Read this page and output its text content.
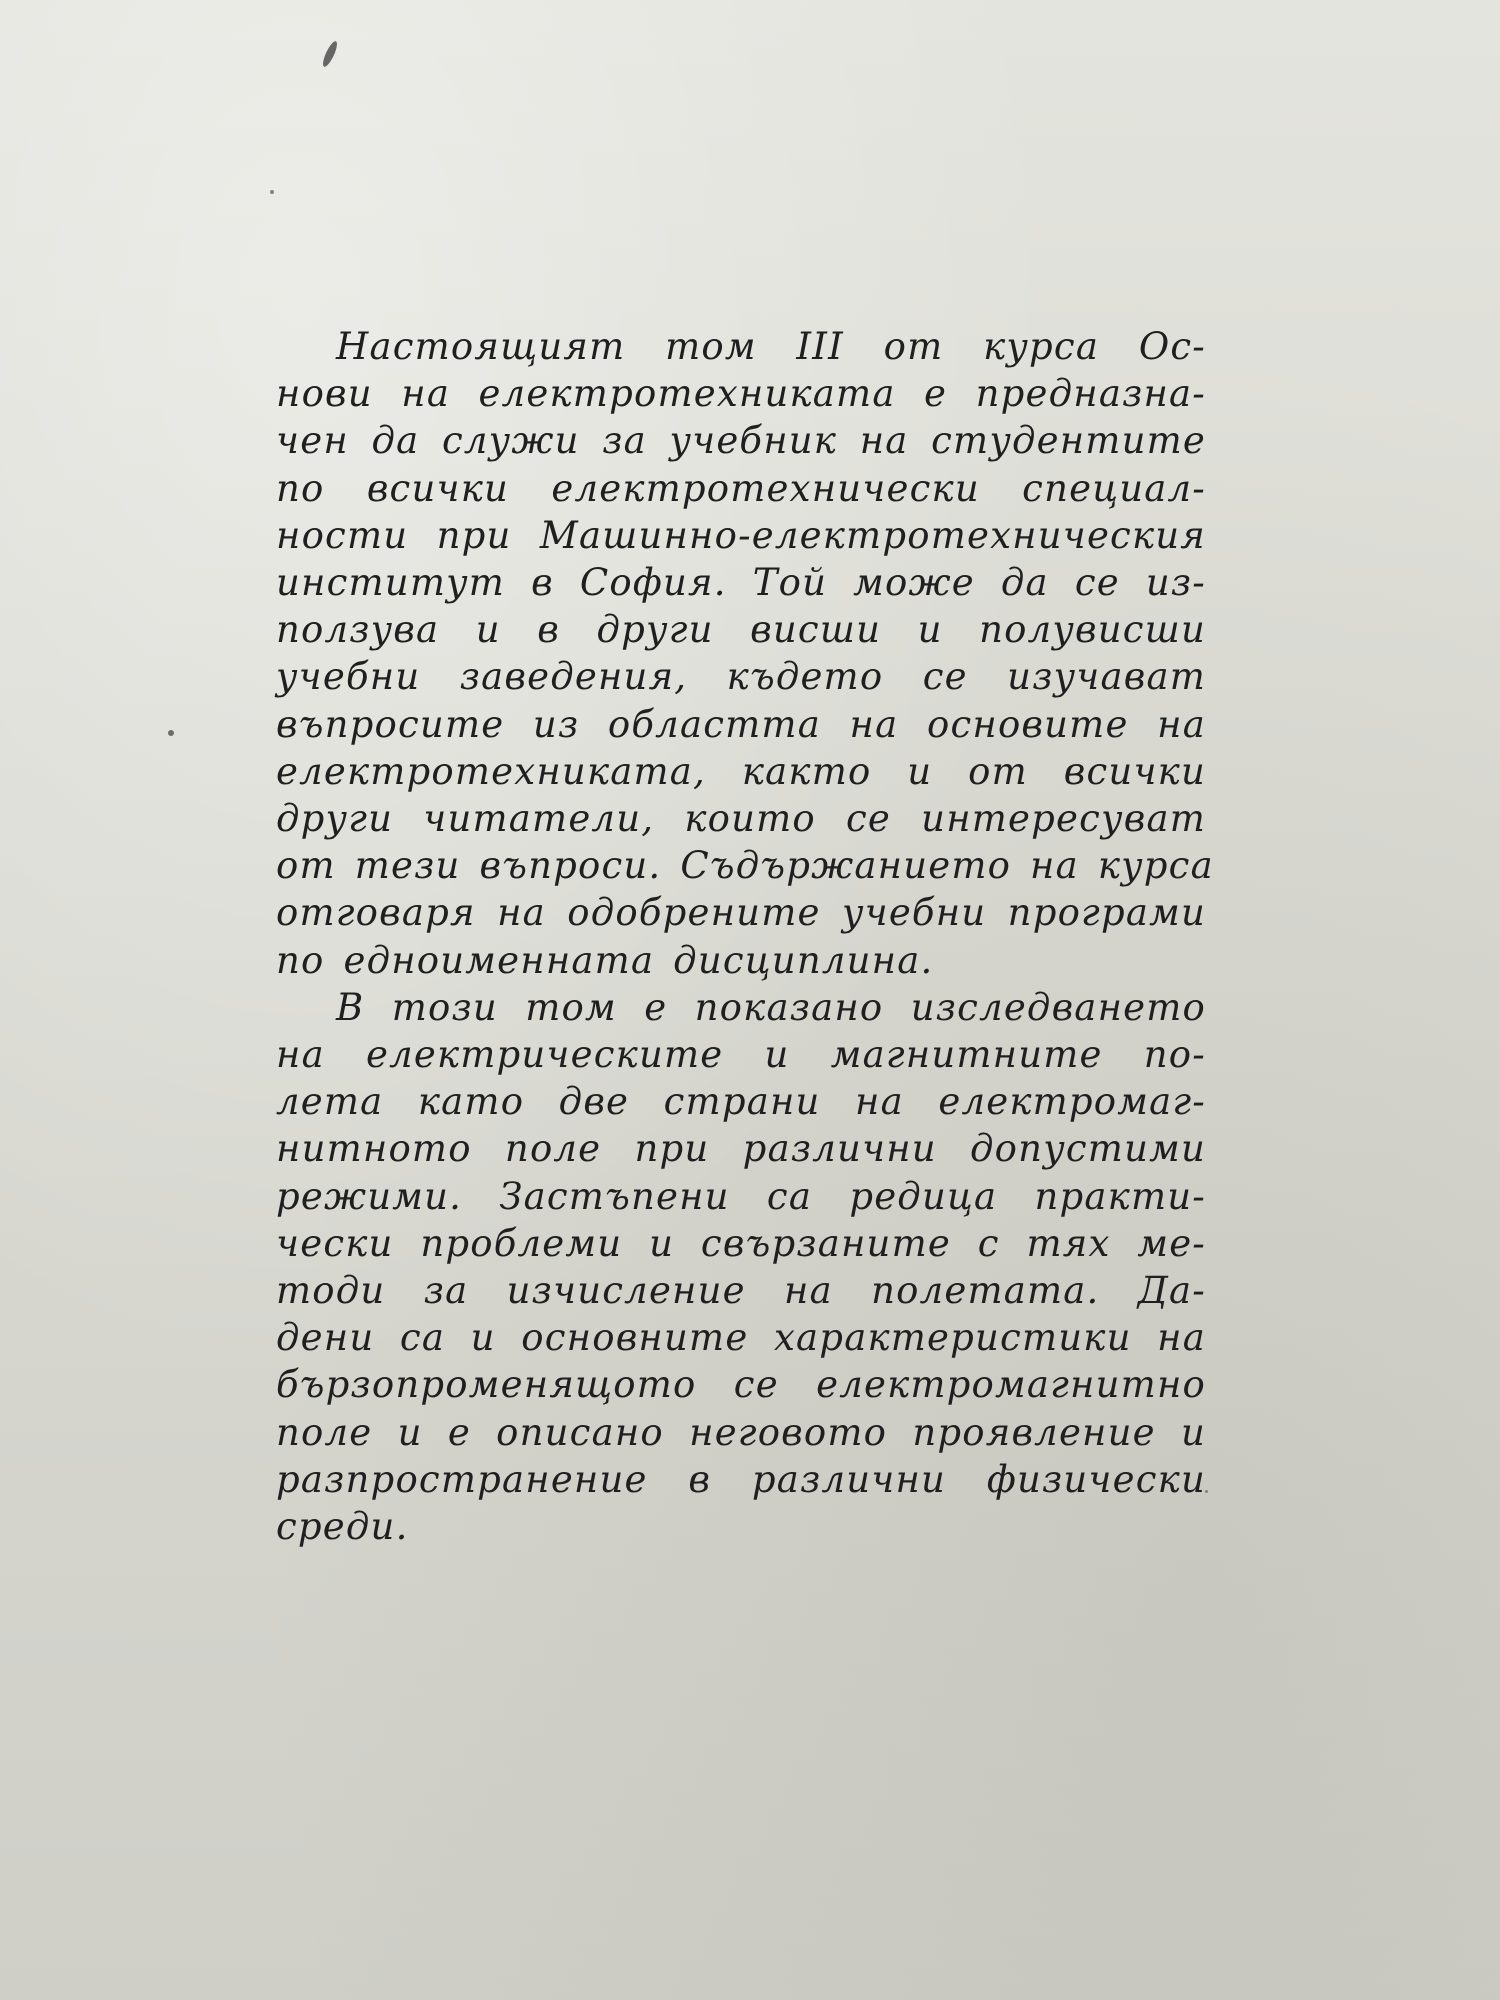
Настоящият том III от курса Ос-
нови на електротехниката е предназна-
чен да служи за учебник на студентите
по всички електротехнически специал-
ности при Машинно-електротехническия
институт в София. Той може да се из-
ползува и в други висши и полувисши
учебни заведения, където се изучават
въпросите из областта на основите на
електротехниката, както и от всички
други читатели, които се интересуват
от тези въпроси. Съдържанието на курса
отговаря на одобрените учебни програми
по едноименната дисциплина.
В този том е показано изследването
на електрическите и магнитните по-
лета като две страни на електромаг-
нитното поле при различни допустими
режими. Застъпени са редица практи-
чески проблеми и свързаните с тях ме-
тоди за изчисление на полетата. Да-
дени са и основните характеристики на
бързопроменящото се електромагнитно
поле и е описано неговото проявление и
разпространение в различни физически
среди.
